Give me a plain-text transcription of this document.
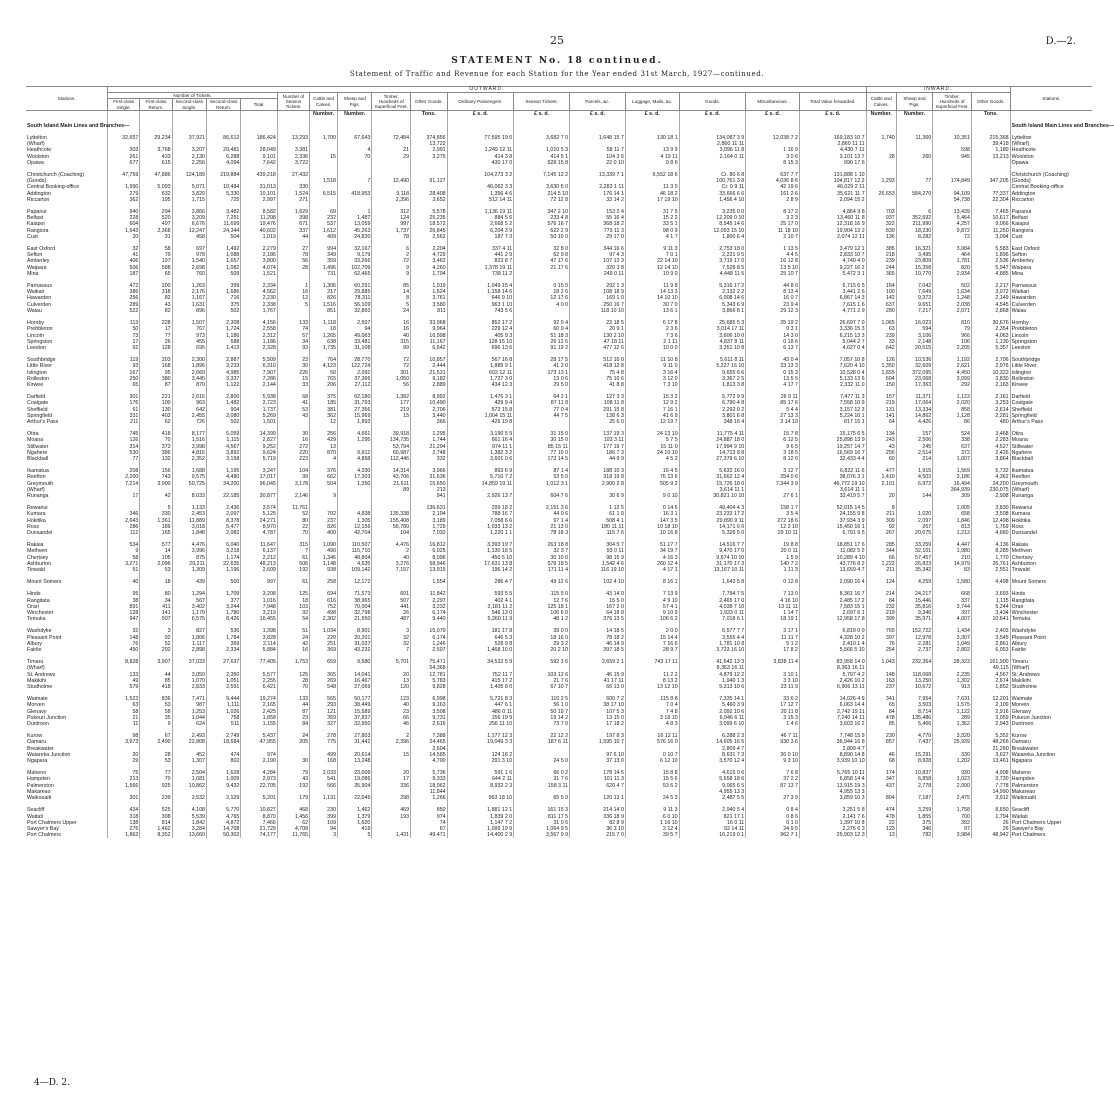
25	D.—2.
STATEMENT No. 18 continued.
Statement of Traffic and Revenue for each Station for the Year ended 31st March, 1927—continued.
Stations.	OUTWARD.																	INWARD.				Stations.
	Number of Tickets.					Number of Season Tickets.	Cattle and Calves.	Sheep and Pigs.	Timber, Hundreds of Superficial Feet.	Other Goods.	Ordinary Passengers.	Season Tickets.	Parcels, &c.	Luggage, Mails, &c.	Goods.	Miscellaneous.	Total Value forwarded.	Cattle and Calves.	Sheep and Pigs.	Timber, Hundreds of Superficial Feet.	Other Goods.	
	First-class Single.	First-class Return.	Second-class Single.	Second-class Return.	Total.																	
							Number.	Number.		Tons.	£ s. d.	£ s. d.	£ s. d.	£ s. d.	£ s. d.	£ s. d.	£ s. d.	Number.	Number.		Tons.	
South Island Main Lines and Branches—																						South Island Main Lines and Branches—

Lyttelton	32,657	29,234	37,921	86,612	186,424	13,293	1,700	67,643	72,484	374,856	77,595 19 0	3,682 7 0	1,648 15 7	130 18 1	134,087 3 9	12,038 7 2	169,183 10 7	1,740	11,360	10,351	215,368	Lyttelton
(Wharf)										13,722					2,860 11 11		2,860 11 11				39,418	(Wharf)
Heathcote	303	3,768	3,207	20,481	28,049	3,381		4	21	2,991	1,249 12 11	1,010 5 3	58 11 7	13 9 9	3,096 11 8	1 16 9	4,430 7 11			598	1,180	Heathcote
Woolston	261	433	2,130	6,288	9,101	2,336	15	70	29	3,275	414 3 8	414 5 1	104 3 6	4 19 11	2,164 0 11	3 0 6	3,101 13 7	28	260	945	13,213	Woolston
Opawa	677	615	2,256	4,094	7,642	3,722					430 17 0	528 15 8	22 0 10	0 8 6		8 15 3	990 17 6					Opawa

Christchurch (Coaching)	47,759	47,886	124,189	219,884	439,218	27,432					104,273 3 2	7,145 12 2	13,339 7 1	6,552 18 6	Cr. 80 6 8	637 7 7	131,888 1 10					Christchurch (Coaching)
(Goods)							1,518	7	12,490	91,127					100,761 3 8	4,036 8 6	104,817 12 2	1,293	77	174,849	347,205	(Goods)
Central Booking-office	1,990	5,093	5,071	10,484	31,013	330					40,062 3 3	3,630 5 0	2,283 1 11	11 3 0	Cr. 0 9 11	42 19 6	46,029 2 11					Central Booking-office
Addington	279	632	3,820	5,330	10,101	1,524	6,515	418,953	9,118	28,408	1,356 4 6	214 5 10	176 14 1	46 18 2	33,666 6 6	161 2 6	35,621 11 7	26,653	584,270	94,109	77,337	Addington
Riccarton	362	195	1,715	725	2,997	271			2,396	3,652	512 14 11	72 12 8	33 14 2	17 19 10	1,456 4 10	2 8 9	2,094 15 2			54,738	22,304	Riccarton

Papanui	940	294	3,866	3,482	8,582	1,629	69	1	312	5,578	1,136 19 11	347 2 10	153 2 4	31 7 5	3,235 0 0	8 17 2	4,864 9 8	703	6	13,439	7,465	Papanui
Belfast	228	520	3,209	7,251	11,208	398	232	1,487	124	25,235	884 5 6	233 4 8	55 16 4	15 2 2	12,209 0 10	3 2 3	13,460 11 8	937	352,692	5,464	10,617	Belfast
Kaiapoi	604	497	6,676	11,699	19,476	671	537	13,059	997	18,572	2,668 5 2	576 16 7	368 18 2	33 5 1	8,545 14 6	25 17 0	12,318 16 9	322	211,990	4,257	9,066	Kaiapoi
Rangiora	1,643	2,368	12,247	24,344	40,602	337	1,612	45,263	1,737	26,845	6,204 3 9	622 2 9	773 11 3	98 0 9	12,093 15 10	11 18 10	19,904 13 2	830	18,230	9,872	11,250	Rangiora
Cust	20	31	458	504	1,019	44	409	24,830	78	2,562	187 7 3	50 10 0	29 17 0	4 1 7	1,800 6 4	2 10 7	2,074 12 11	136	8,282	72	3,094	Cust

East Oxford	32	58	697	1,492	2,279	27	994	32,167	6	2,204	337 4 11	32 8 0	344 16 6	9 11 3	2,753 18 0	1 13 5	3,479 12 1	385	16,321	3,084	5,583	East Oxford
Sefton	41	79	978	1,088	2,186	78	349	9,179	2	4,729	441 2 9	62 9 8	97 4 3	7 0 1	2,221 9 5	4 4 5	2,833 10 7	218	3,495	464	1,896	Sefton
Amberley	406	197	1,540	1,657	3,800	56	359	33,266	72	3,463	823 8 7	47 17 6	107 13 3	22 14 10	3,719 17 0	16 12 8	4,740 4 0	239	23,809	1,781	2,536	Amberley
Waipara	506	588	2,698	1,082	4,074	28	1,496	102,709	9	4,260	1,378 19 11	21 17 6	320 3 8	12 14 10	7,528 8 5	13 5 10	9,227 16 2	244	15,358	820	5,947	Waipara
Mina	187	65	760	509	1,521		731	62,465	9	1,704	738 11 2		249 0 11	10 9 0	4,448 11 5	25 10 7	5,472 3 1	365	10,770	2,934	4,885	Mina

Parnassus	472	200	1,263	399	2,334	1	1,306	60,291	85	1,019	1,049 15 4	0 15 0	292 1 3	11 9 8	5,316 17 2	44 8 0	6,715 6 5	164	7,042	502	2,217	Parnassus
Waikari	386	318	2,176	1,686	4,562	16	217	29,885	14	1,624	1,158 14 6	18 2 6	108 18 9	14 13 3	2,132 2 2	8 13 4	3,441 2 6	100	7,649	1,634	3,072	Waikari
Hawarden	256	82	1,167	716	2,230	12	826	78,311	8	3,761	646 9 10	12 17 6	169 1 0	14 10 10	6,008 14 6	16 0 7	6,867 14 3	142	9,372	1,248	2,149	Hawarden
Culverden	289	43	1,631	375	2,338	5	1,516	56,109	5	3,580	963 1 10	4 0 0	250 16 7	30 7 0	5,343 6 9	23 9 4	7,615 1 6	637	9,651	2,038	4,545	Culverden
Waiau	522	82	896	502	1,767		851	32,893	24	811	743 5 6		118 10 10	13 6 1	3,866 8 1	29 12 3	4,771 2 9	280	7,217	2,071	2,868	Waiau

Hornby	113	228	1,507	2,308	4,156	133	1,118	2,507	16	33,968	852 17 2	92 9 4	23 18 5	6 17 8	25,685 5 3	35 19 2	26,697 7 0	1,065	16,023	810	30,676	Hornby
Prebbleton	50	17	767	1,724	2,558	74	18	94	16	9,964	229 12 4	60 9 4	20 9 1	2 3 6	3,014 17 11	0 3 1	3,336 15 3	63	594	79	2,354	Prebbleton
Lincoln	73	77	973	1,186	2,312	57	1,265	49,063	40	16,998	405 9 3	51 18 3	130 2 10	7 3 6	3,606 10 0	14 3 0	6,215 13 3	239	3,106	966	4,063	Lincoln
Springston	17	26	455	688	1,186	34	638	33,481	315	11,167	128 15 10	26 12 6	47 18 11	2 1 11	4,837 8 11	0 18 6	5,044 2 7	33	2,148	106	1,130	Springston
Leeston	92	128	695	1,413	2,328	93	1,735	31,108	99	6,642	696 13 6	91 19 2	477 12 6	10 0 0	3,351 10 8	6 13 7	4,627 0 4	642	20,515	2,205	5,357	Leeston

Southbridge	119	203	2,300	2,887	5,509	23	764	28,770	72	10,857	567 16 8	28 17 5	512 16 0	11 10 8	5,611 8 11	43 0 4	7,057 10 8	126	10,536	1,192	2,706	Southbridge
Little River	93	168	1,896	3,233	6,310	30	4,123	122,724	72	2,444	1,889 9 1	41 2 0	418 12 8	9 11 0	5,227 16 10	33 13 3	7,620 4 10	1,350	32,609	2,621	2,976	Little River
Islington	167	95	2,669	4,985	7,907	226	50	2,092	301	21,531	602 12 11	173 13 1	75 4 8	3 16 4	9,655 6 6	0 15 3	10,528 0 4	1,655	372,095	4,450	10,322	Islington
Rolleston	250	380	3,445	3,337	7,286	15	765	37,366	1,050	9,182	1,727 3 0	13 0 6	75 10 6	3 12 0	3,367 2 5	13 5 5	5,133 13 6	604	23,068	3,099	3,830	Rolleston
Kirwee	65	87	870	1,122	2,144	33	206	27,112	56	2,889	434 12 3	29 5 0	41 8 8	7 3 10	1,813 3 8	4 17 7	2,332 11 0	150	17,363	292	2,163	Kirwee

Darfield	301	221	2,616	2,800	5,938	68	375	62,180	1,382	8,992	1,476 3 1	64 2 1	127 3 3	15 3 2	5,772 9 9	26 9 11	7,477 11 3	157	11,371	1,123	2,161	Darfield
Coalgate	176	100	963	1,482	2,723	41	185	31,793	177	10,490	429 9 4	87 11 8	108 11 8	12 9 2	6,790 4 8	85 17 6	7,558 10 9	219	17,064	2,020	3,253	Coalgate
Sheffield	61	130	642	904	1,737	53	381	27,356	219	2,706	573 15 8	77 0 4	291 15 8	7 16 1	2,292 0 2	5 4 4	3,157 12 3	131	13,334	858	2,614	Sheffield
Springfield	331	403	2,455	2,080	5,269	43	362	15,969	15	3,440	1,004 15 11	44 7 5	138 6 3	41 6 9	3,801 6 8	27 13 3	5,224 10 1	141	14,862	1,128	2,281	Springfield
Arthur's Pass	211	62	726	502	1,501		12	1,893		366	426 19 8		25 6 0	12 19 7	348 16 4	3 14 10	817 15 1	64	4,426	86	480	Arthur's Pass

Otira	745	418	8,177	5,059	14,399	30	256	4,661	39,918	1,295	3,190 5 9	31 15 0	137 19 3	24 13 10	11,775 4 11	15 7 8	15,175 6 5	134	157	524	3,468	Otira
Moana	126	70	1,516	1,115	2,827	16	429	1,295	134,735	1,744	661 16 4	30 15 0	103 3 11	5 7 5	24,887 18 0	6 12 5	25,898 13 9	243	2,506	338	2,283	Moana
Stillwater	314	373	3,998	4,567	9,252	272	13		53,794	21,294	974 11 1	85 15 11	177 19 7	15 11 0	17,994 9 10	9 6 5	19,257 14 7	43	245	637	4,527	Stillwater
Ngahere	530	386	4,816	3,892	9,624	220	870	9,912	60,987	2,748	1,382 3 2	77 10 0	186 7 3	24 10 10	14,713 8 8	3 18 5	16,569 16 7	256	2,514	372	2,426	Ngahere
Blackball	77	132	2,352	3,158	5,719	223	4	4,858	112,446	332	3,601 0 6	173 14 5	44 9 9	4 5 2	27,379 6 10	8 12 0	32,433 4 4	60	214	1,007	3,864	Blackball

Ikamatua	208	156	1,688	1,195	3,247	104	376	4,330	14,314	3,966	893 6 9	87 1 4	188 10 3	16 4 5	5,633 16 0	3 12 7	6,822 11 6	477	1,915	1,569	5,732	Ikamatua
Reefton	2,200	743	9,575	4,480	17,017	99	662	17,303	43,706	31,636	5,710 7 2	53 5 0	318 19 8	76 13 6	31,662 12 4	354 0 6	38,076 3 1	1,410	4,503	3,186	4,362	Reefton
Greymouth	7,214	3,900	50,725	34,200	96,045	3,178	504	1,350	21,611	15,650	14,859 19 11	1,012 3 1	2,900 2 8	505 9 2	15,726 18 0	7,344 3 9	46,772 19 10	2,101	6,972	16,494	24,200	Greymouth
(Wharf)									89	213					3,614 11 1		3,614 11 1			364,939	230,075	(Wharf)
Runanga	17	42	8,033	22,185	30,877	2,146	9			941	2,926 13 7	604 7 6	30 6 9	9 0 10	30,821 10 10	27 6 1	33,419 5 7	20	144	309	2,998	Runanga

Rewanui		5	1,133	2,436	3,574	11,761				136,631	299 18 2	2,151 3 6	1 12 5	0 14 6	49,404 4 3	158 1 7	52,015 14 5	8		1,005	3,830	Rewanui
Kumara	346	330	2,453	2,097	5,125	52	702	4,838	135,338	2,104	788 16 7	44 0 6	61 1 0	16 3 1	23,233 17 2	3 5 4	24,155 9 8	211	1,020	658	3,508	Kumara
Hokitika	2,643	1,361	11,889	8,378	24,271	80	237	1,305	155,408	3,189	7,058 6 6	97 1 4	508 4 1	147 3 5	29,890 9 11	272 18 6	37,934 3 9	309	2,097	1,846	12,498	Hokitika
Ross	286	189	3,018	5,477	8,970	22	826	12,156	56,780	1,729	1,033 13 2	21 13 0	180 11 11	10 18 10	14,171 6 0	12 2 10	15,450 16 1	92	267	813	1,769	Ross
Dunsandel	112	165	1,848	2,082	4,787	70	400	42,704	104	7,032	1,220 1 1	78 18 3	115 7 6	10 16 8	5,326 5 0	29 10 11	6,791 9 5	267	20,075	1,213	4,660	Dunsandel

Rakaia	534	577	4,476	6,040	11,647	315	1,090	110,507	4,476	16,812	3,393 19 7	263 18 8	304 5 7	51 17 7	14,516 7 7	19 8 8	18,851 17 6	285	33,259	4,447	4,136	Rakaia
Methven	9	14	3,996	3,218	6,137	7	490	115,710	2	6,025	1,130 18 5	32 3 7	93 0 11	34 19 7	9,470 17 0	20 0 11	11,082 5 2	344	32,101	1,980	8,285	Methven
Chertsey	58	105	875	1,174	2,212	61	1,346	48,804	40	8,096	450 5 10	30 10 0	98 15 9	4 16 3	9,674 10 10	1 5 9	10,289 4 10	66	57,457	210	1,770	Chertsey
Ashburton	3,271	2,096	29,211	22,635	48,213	506	1,148	4,635	3,276	58,946	17,631 13 8	578 18 5	1,542 4 6	260 12 4	31,170 17 3	140 7 2	43,776 8 2	1,222	26,823	14,979	26,761	Ashburton
Tinwald	51	53	1,309	1,196	2,609	192	938	109,142	7,157	13,915	196 14 2	171 11 4	116 19 10	4 17 1	13,167 10 11	1 11 3	13,659 4 7	211	35,342	83	2,551	Tinwald

Mount Somers	40	18	439	500	997	61	258	12,172		1,554	286 4 7	49 12 6	102 4 10	8 16 1	1,643 5 8	0 12 8	2,090 16 4	124	4,259	1,580	4,498	Mount Somers

Hinds	95	80	1,294	1,709	3,208	125	694	71,573	601	11,842	593 5 5	115 5 0	43 14 0	7 13 9	7,794 7 5	7 13 0	8,361 16 7	214	24,217	668	3,693	Hinds
Rangitata	38	34	567	377	1,016	18	616	38,965	507	2,297	402 4 1	12 7 6	15 5 0	4 9 10	2,465 17 0	4 16 10	2,485 17 2	84	15,446	337	1,115	Rangitata
Orari	891	411	3,402	3,244	7,948	103	752	70,004	441	3,232	3,181 11 2	125 18 1	167 2 0	57 4 1	4,038 7 10	13 11 11	7,583 15 1	232	35,816	3,744	5,244	Orari
Winchester	128	141	1,170	1,780	3,219	92	498	32,798	26	6,174	546 13 0	106 6 0	64 18 8	9 10 9	1,923 0 11	1 14 7	2,697 6 1	219	9,346	397	3,434	Winchester
Temuka	947	507	6,575	8,426	16,455	54	2,302	21,550	487	9,440	5,260 11 9	48 1 2	376 13 5	106 6 2	7,018 6 1	18 19 1	12,958 17 8	399	35,971	4,007	10,641	Temuka

Washdyke	32	3	827	536	1,398	51	1,034	8,901	3	15,079	181 17 8	39 0 0	14 18 5	2 0 0	6,577 7 7	3 17 1	6,819 0 9	765	152,722	1,434	2,403	Washdyke
Pleasant Point	148	92	1,806	1,784	3,828	24	220	20,201	32	6,174	646 5 3	18 16 0	78 18 2	15 14 4	3,555 4 4	11 11 7	4,328 10 2	397	12,978	3,307	3,545	Pleasant Point
Albury	76	52	1,117	369	2,114	42	251	31,037	32	1,246	528 9 8	29 3 2	46 14 9	7 16 6	1,781 10 8	5 1 2	2,410 1 4	76	2,281	1,049	2,861	Albury
Fairlie	450	292	2,898	2,334	5,884	16	369	43,232	7	2,507	1,468 10 0	20 2 10	397 18 5	28 9 7	3,723 16 10	17 8 2	5,566 5 10	254	2,737	2,802	6,053	Fairlie

Timaru	8,828	3,907	37,033	27,637	77,405	1,753	659	9,580	5,701	75,471	34,532 5 9	592 3 6	2,659 2 1	743 17 11	41,642 13 3	3,838 11 4	83,958 14 0	1,043	232,364	28,323	161,900	Timaru
(Wharf)										54,368					8,363 16 11		8,363 16 11				49,115	(Wharf)
St. Andrews	133	44	3,050	2,350	5,577	125	365	14,041	20	12,781	752 11 7	103 12 6	46 15 9	11 2 2	4,879 12 2	3 10 1	5,797 4 2	148	118,068	2,235	4,567	St. Andrews
Makikihi	49	85	1,070	1,051	2,255	28	269	16,467	13	5,783	415 17 2	21 7 6	41 17 11	8 13 2	1,940 1 3	3 3 10	2,426 10 2	163	13,250	1,302	2,674	Makikihi
Studholme	579	418	2,833	2,591	6,421	70	548	27,069	120	9,828	1,405 8 0	67 10 7	66 13 0	13 12 10	5,313 10 6	23 11 9	6,906 13 11	237	10,672	913	1,852	Studholme

Waimate	1,523	836	7,471	9,444	19,274	133	565	50,177	123	6,998	5,721 8 3	110 2 5	600 7 2	115 8 8	7,335 14 1	33 6 2	14,026 4 9	341	7,954	7,631	12,201	Waimate
Morven	63	53	987	1,111	2,165	44	293	38,449	40	9,163	447 6 1	56 1 0	38 17 10	7 0 4	5,460 3 9	17 12 7	6,063 14 4	65	3,503	1,575	2,109	Morven
Glenavy	58	58	1,253	1,026	2,425	87	121	15,589	23	3,508	486 0 11	50 19 7	107 5 3	7 4 8	2,092 10 6	20 11 8	2,742 19 11	84	8,714	1,122	2,916	Glenavy
Pukeuri Junction	21	35	1,044	758	1,858	23	359	37,837	66	9,731	156 19 9	19 14 2	13 15 0	3 18 10	6,946 6 11	3 15 3	7,240 14 11	478	135,486	289	3,059	Pukeuri Junction
Duntroon	11	9	624	511	1,155	84	327	32,950	46	2,616	256 11 10	73 7 0	17 18 2	4 8 3	3,099 6 10	1 4 6	3,603 16 2	85	5,466	1,362	2,943	Duntroon

Kurow	98	67	2,493	2,749	5,437	24	278	27,803	2	7,388	1,177 12 3	22 12 2	197 8 3	16 12 11	6,288 2 3	46 7 11	7,748 15 9	230	4,770	3,320	5,352	Kurow
Oamaru	3,973	2,490	22,808	18,684	47,955	205	775	31,442	2,396	24,465	19,049 3 3	187 6 11	1,595 10 7	576 16 0	14,605 16 5	930 3 6	36,944 16 8	857	7,437	25,939	48,266	Oamaru
Breakwater										2,604					2,809 4 7		2,809 4 7				21,280	Breakwater
Waiareka Junction	20	28	452	474	974		499	20,614	15	14,585	124 18 2		97 6 10	0 10 7	8,631 7 3	36 0 10	8,890 14 8	46	15,291	330	3,627	Waiareka Junction
Ngapara	29	53	1,307	802	2,190	30	168	13,248		4,700	291 3 10	24 5 0	37 13 0	6 12 10	3,570 12 4	9 3 10	3,939 10 10	68	8,928	1,202	13,461	Ngapara

Maheno	75	77	2,504	1,628	4,284	79	2,033	23,009	20	5,736	591 1 6	66 0 2	178 14 5	15 8 8	4,615 0 6	7 6 8	5,765 10 11	174	10,837	930	4,908	Maheno
Hampden	213	70	1,681	1,009	2,973	43	541	19,086	17	9,333	644 2 11	31 7 6	101 11 3	15 5 6	5,658 18 6	37 2 2	6,858 14 4	347	6,858	1,023	3,730	Hampden
Palmerston	1,566	925	10,862	9,432	22,705	192	566	35,904	336	18,962	8,932 2 3	158 3 11	620 4 7	53 6 2	9,065 6 5	87 13 7	13,915 19 3	437	2,778	2,000	7,778	Palmerston
Makareao										11,844					4,955 13 3		4,955 13 3				14,990	Makareao
Waikouaiti	301	239	2,532	2,129	5,201	179	1,131	22,045	298	1,266	963 18 10	65 5 0	120 13 1	24 5 3	2,487 5 5	27 3 9	3,859 10 3	804	7,187	2,475	3,912	Waikouaiti

Seacliff	434	525	4,108	5,770	10,827	468	230	1,462	469	850	1,881 12 1	161 15 3	214 14 0	9 11 3	2,940 5 4	0 8 4	3,251 5 8	474	3,259	1,758	8,650	Seacliff
Waitati	318	308	5,539	4,765	8,870	1,456	399	1,379	193	974	1,839 2 0	811 17 5	336 18 9	6 0 10	821 17 1	0 8 6	2,141 7 6	478	1,855	700	1,794	Waitati
Port Chalmers Upper	138	814	1,842	4,872	7,466	62	109	1,620		74	1,147 7 2	31 0 6	82 8 9	1 16 10	16 0 11	0 1 0	1,397 10 8	22	375	392	26	Port Chalmers Upper
Sawyer's Bay	275	1,462	3,284	14,708	21,729	4,708	94	419		67	1,099 19 9	1,064 9 5	36 3 10	2 12 4	92 14 11	24 9 5	2,276 6 3	123	346	97	26	Sawyer's Bay
Port Chalmers	1,863	8,352	13,660	50,302	74,177	11,765	3	5	1,431	49,471	14,400 2 9	3,567 9 9	215 7 0	39 5 7	16,219 0 1	962 7 1	25,903 12 3	13	782	3,984	48,942	Port Chalmers
4—D. 2.
